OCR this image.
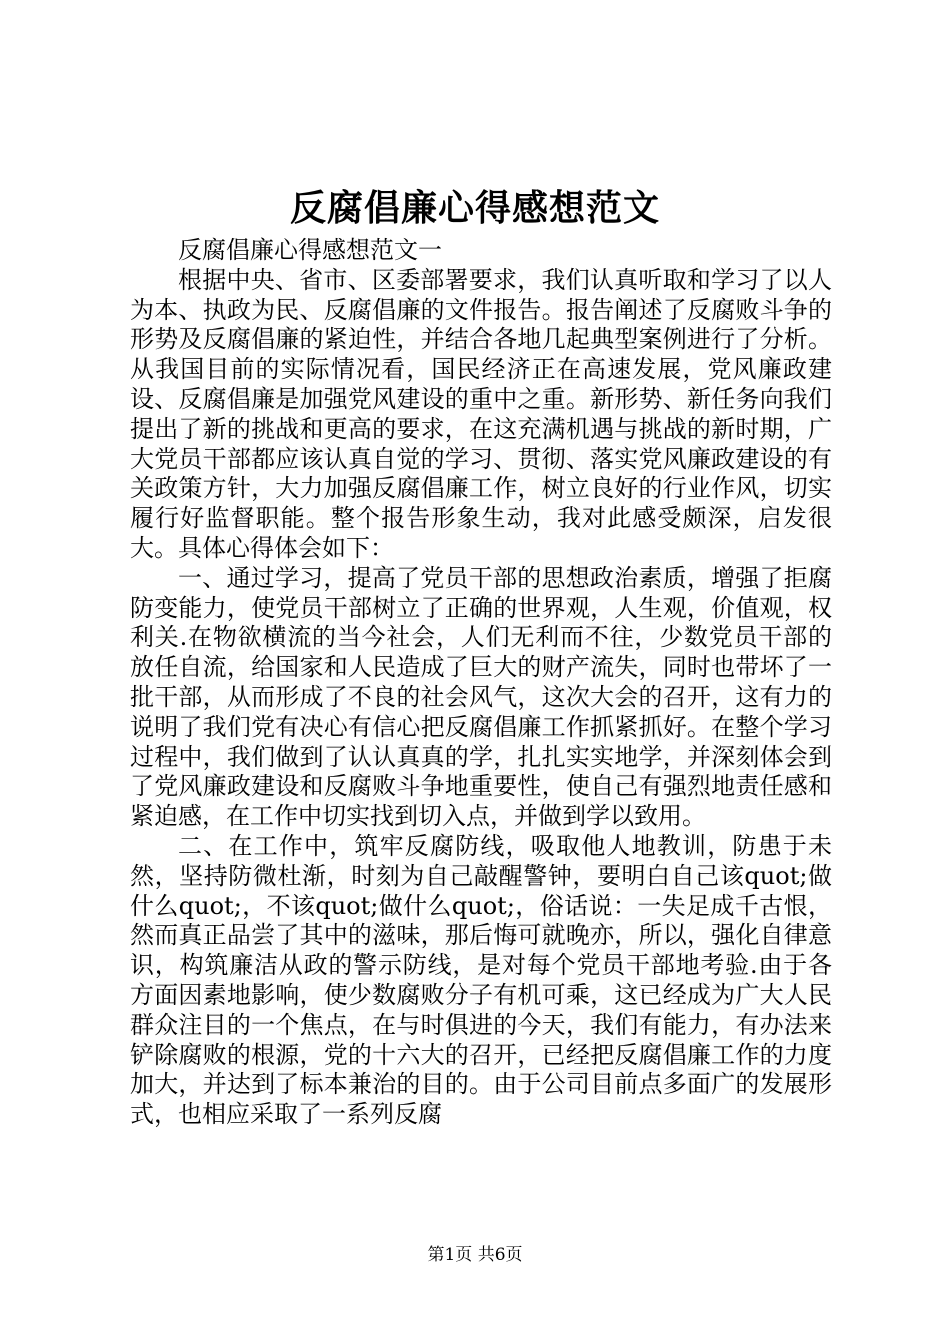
反腐倡廉心得感想范文

反腐倡廉心得感想范文一

根据中央、省市、区委部署要求，我们认真听取和学习了以人为本、执政为民、反腐倡廉的文件报告。报告阐述了反腐败斗争的形势及反腐倡廉的紧迫性，并结合各地几起典型案例进行了分析。从我国目前的实际情况看，国民经济正在高速发展，党风廉政建设、反腐倡廉是加强党风建设的重中之重。新形势、新任务向我们提出了新的挑战和更高的要求，在这充满机遇与挑战的新时期，广大党员干部都应该认真自觉的学习、贯彻、落实党风廉政建设的有关政策方针，大力加强反腐倡廉工作，树立良好的行业作风，切实履行好监督职能。整个报告形象生动，我对此感受颇深，启发很大。具体心得体会如下：

一、通过学习，提高了党员干部的思想政治素质，增强了拒腐防变能力，使党员干部树立了正确的世界观，人生观，价值观，权利关.在物欲横流的当今社会，人们无利而不往，少数党员干部的放任自流，给国家和人民造成了巨大的财产流失，同时也带坏了一批干部，从而形成了不良的社会风气，这次大会的召开，这有力的说明了我们党有决心有信心把反腐倡廉工作抓紧抓好。在整个学习过程中，我们做到了认认真真的学，扎扎实实地学，并深刻体会到了党风廉政建设和反腐败斗争地重要性，使自己有强烈地责任感和紧迫感，在工作中切实找到切入点，并做到学以致用。

二、在工作中，筑牢反腐防线，吸取他人地教训，防患于未然，坚持防微杜渐，时刻为自己敲醒警钟，要明白自己该quot;做什么quot;，不该quot;做什么quot;，俗话说：一失足成千古恨，然而真正品尝了其中的滋味，那后悔可就晚亦，所以，强化自律意识，构筑廉洁从政的警示防线，是对每个党员干部地考验.由于各方面因素地影响，使少数腐败分子有机可乘，这已经成为广大人民群众注目的一个焦点，在与时俱进的今天，我们有能力，有办法来铲除腐败的根源，党的十六大的召开，已经把反腐倡廉工作的力度加大，并达到了标本兼治的目的。由于公司目前点多面广的发展形式，也相应采取了一系列反腐

第1页 共6页
